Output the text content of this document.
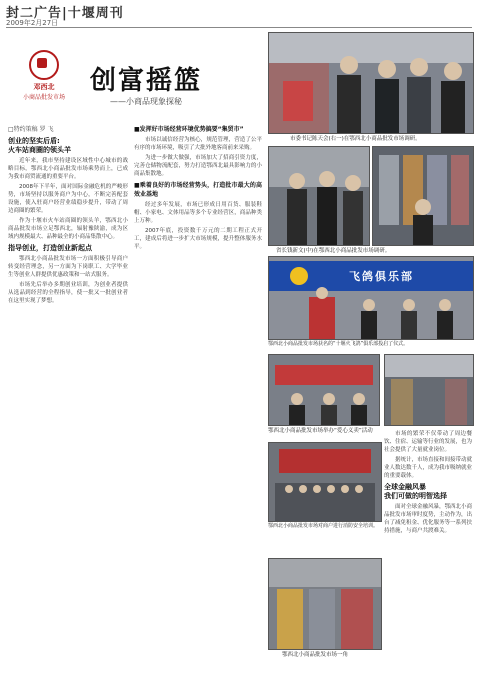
封二广告|十堰周刊
2009年2月27日
邓西北
小商品批发市场
创富摇篮
——小商品现象探秘
市委书记陈天会(右一)在鄂西北小商品批发市场调研。
省长钱新文(中)在鄂西北小商品批发市场调研。
飞鸽俱乐部
鄂西北小商品批发市场获名的“十堰火飞鸽”俱乐部投启了仪式。
鄂西北小商品批发市场举办“爱心义卖”活动
鄂西北小商品批发市场对商户进行消防安全培训。
鄂西北小商品批发市场一角
□特约策稿 罗 飞
创业的坚实后盾:
火车站商圈的领头羊

近年来，我市坚持建设区域性中心城市的战略目标，鄂西北小商品批发市场乘势而上，已成为我市商贸流通的重要平台。

2008年下半年，面对国际金融危机的严峻形势，市场坚持以服务商户为中心，不断完善配套设施，使入驻商户经营业绩稳步提升，带动了周边商圈的繁荣。

作为十堰市火车站商圈的领头羊，鄂西北小商品批发市场立足鄂西北，辐射豫陕渝，成为区域内规模最大、品种最全的小商品集散中心。

指导创业，打造创业新起点

鄂西北小商品批发市场一方面积极引导商户转变经营理念，另一方面为下岗职工、大学毕业生等创业人群提供优惠政策和一站式服务。

市场先后举办多期创业培训，为创业者提供从选品到经营的全程指导，使一批又一批创业者在这里实现了梦想。

■发挥好市场经营环境优势搞要“集贸市”

市场以诚信经营为核心，规范管理，营造了公平有序的市场环境，吸引了大批外地客商前来采购。

为进一步做大做强，市场加大了招商引资力度，完善仓储物流配套，努力打造鄂西北最具影响力的小商品集散地。

■乘着良好的市场经营势头，打造批市最大的高效业基地

经过多年发展，市场已形成日用百货、服装鞋帽、小家电、文体用品等多个专业经营区，商品种类上万种。

2007年底，投资数千万元的二期工程正式开工，建成后将进一步扩大市场规模，提升整体服务水平。

市场的繁荣不仅带动了周边餐饮、住宿、运输等行业的发展，也为社会提供了大量就业岗位。

据统计，市场直接和间接带动就业人数达数千人，成为我市吸纳就业的重要载体。

全球金融风暴
我们可做的明智选择

面对全球金融风暴，鄂西北小商品批发市场审时度势，主动作为，出台了减免租金、优化服务等一系列扶持措施，与商户共渡难关。
